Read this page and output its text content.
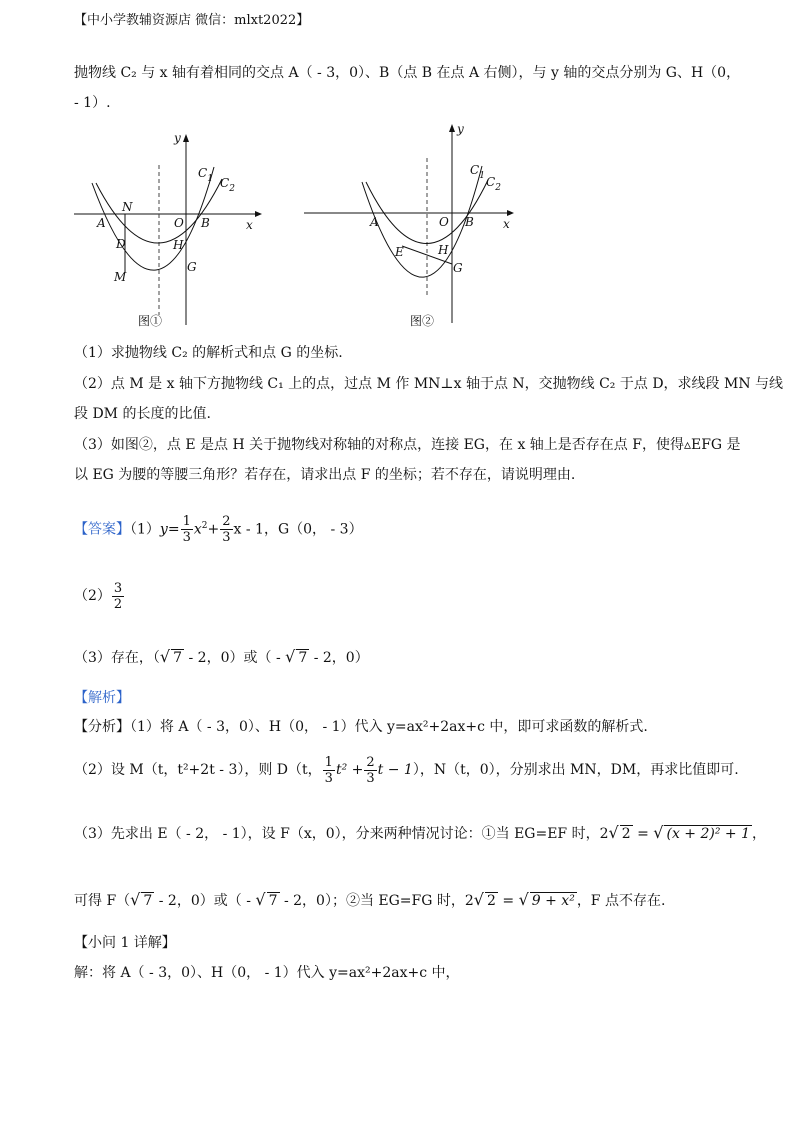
【中小学教辅资源店 微信：mlxt2022】
抛物线 C₂ 与 x 轴有着相同的交点 A（ - 3，0）、B（点 B 在点 A 右侧），与 y 轴的交点分别为 G、H（0，
- 1）.
y
x
O
A	B
N
D
M
H
G
$C_1$ $C_2$
图①
y
x
O
A	B
E	H
G
$C_1$ $C_2$
图②
（1）求抛物线 C₂ 的解析式和点 G 的坐标.
（2）点 M 是 x 轴下方抛物线 C₁ 上的点，过点 M 作 MN⊥x 轴于点 N，交抛物线 C₂ 于点 D，求线段 MN 与线
段 DM 的长度的比值.
（3）如图②，点 E 是点 H 关于抛物线对称轴的对称点，连接 EG，在 x 轴上是否存在点 F，使得▵EFG 是
以 EG 为腰的等腰三角形？若存在，请求出点 F 的坐标；若不存在，请说明理由.
【答案】$(1)y= \frac{1}{3} x^2+ \frac{2}{3}$ x - 1，G（0， - 3）
$(2) \frac{3}{2}$
（3）存在，（√ 7 - 2，0）或（ - √ 7 - 2，0）
【解析】
【分析】（1）将 A（ - 3，0）、H（0， - 1）代入 y=ax²+2ax+c 中，即可求函数的解析式.
（2）设 M（t，t²+2t - 3），则 D（t， $\frac{1}{3} t^2 + \frac{2}{3}$ t − 1），N（t，0），分别求出 MN，DM，再求比值即可.
（3）先求出 E（ - 2， - 1），设 F（x，0），分来两种情况讨论：①当 EG=EF 时，2√ 2 = √ (x + 2)² + 1 ，
可得 F（√ 7 - 2，0）或（ - √ 7 - 2，0）；②当 EG=FG 时，2√ 2 = √ 9 + x² ，F 点不存在.
【小问 1 详解】
解：将 A（ - 3，0）、H（0， - 1）代入 y=ax²+2ax+c 中，
